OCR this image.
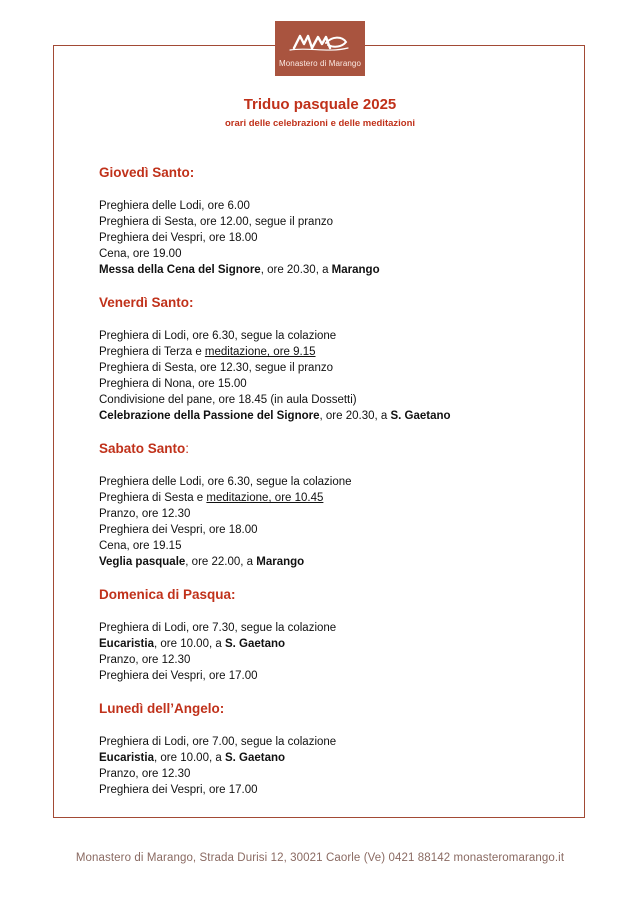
Monastero di Marango
Triduo pasquale 2025
orari delle celebrazioni e delle meditazioni
Giovedì Santo:
Preghiera delle Lodi, ore 6.00
Preghiera di Sesta, ore 12.00, segue il pranzo
Preghiera dei Vespri, ore 18.00
Cena, ore 19.00
Messa della Cena del Signore, ore 20.30, a Marango
Venerdì Santo:
Preghiera di Lodi, ore 6.30, segue la colazione
Preghiera di Terza e meditazione, ore 9.15
Preghiera di Sesta, ore 12.30, segue il pranzo
Preghiera di Nona, ore 15.00
Condivisione del pane, ore 18.45 (in aula Dossetti)
Celebrazione della Passione del Signore, ore 20.30, a S. Gaetano
Sabato Santo:
Preghiera delle Lodi, ore 6.30, segue la colazione
Preghiera di Sesta e meditazione, ore 10.45
Pranzo, ore 12.30
Preghiera dei Vespri, ore 18.00
Cena, ore 19.15
Veglia pasquale, ore 22.00, a Marango
Domenica di Pasqua:
Preghiera di Lodi, ore 7.30, segue la colazione
Eucaristia, ore 10.00, a S. Gaetano
Pranzo, ore 12.30
Preghiera dei Vespri, ore 17.00
Lunedì dell’Angelo:
Preghiera di Lodi, ore 7.00, segue la colazione
Eucaristia, ore 10.00, a S. Gaetano
Pranzo, ore 12.30
Preghiera dei Vespri, ore 17.00
Monastero di Marango, Strada Durisi 12, 30021 Caorle (Ve) 0421 88142 monasteromarango.it
